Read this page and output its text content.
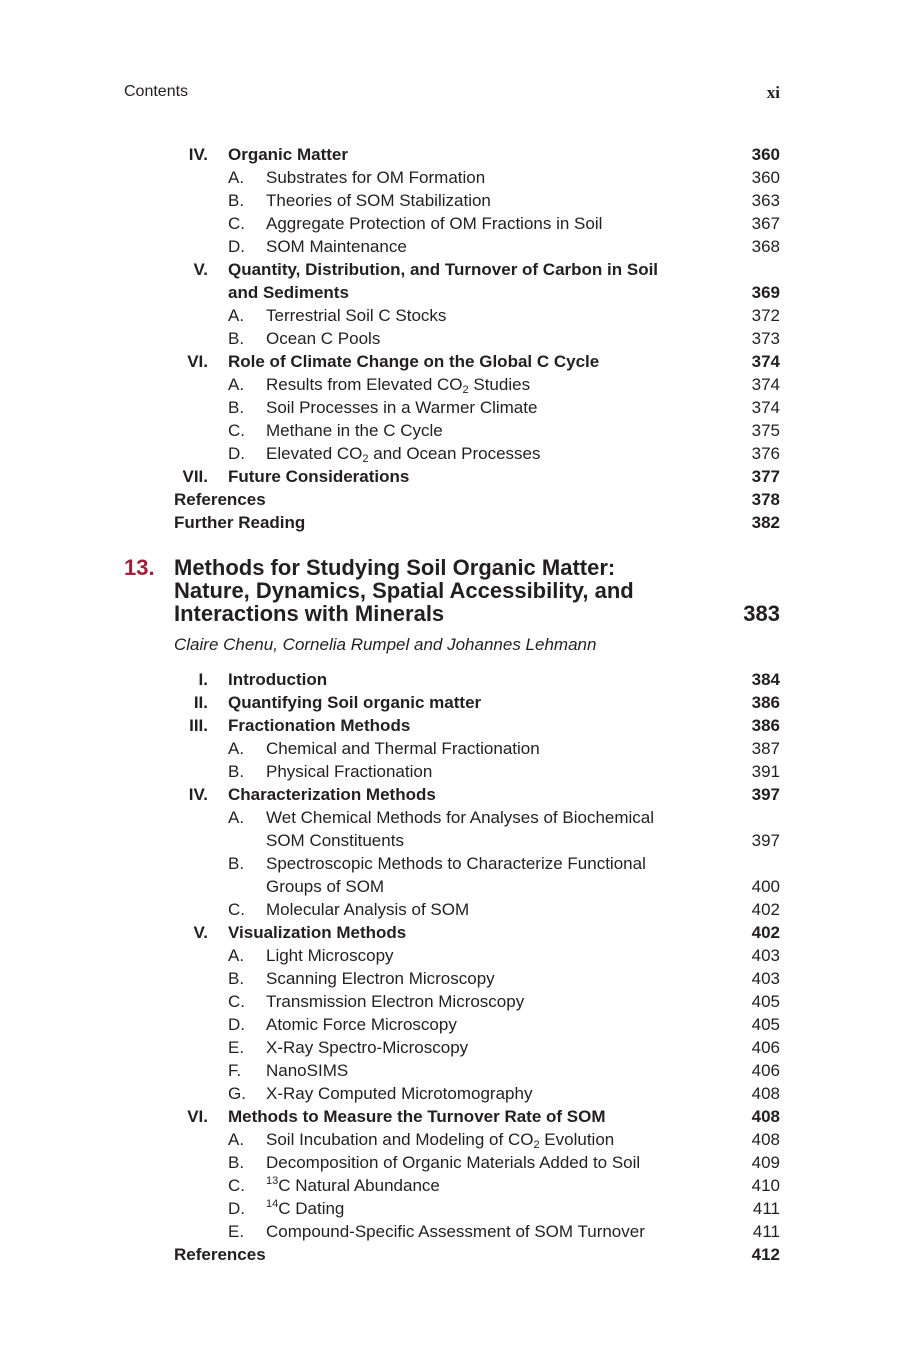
Contents	xi
IV. Organic Matter	360
A. Substrates for OM Formation	360
B. Theories of SOM Stabilization	363
C. Aggregate Protection of OM Fractions in Soil	367
D. SOM Maintenance	368
V. Quantity, Distribution, and Turnover of Carbon in Soil
and Sediments	369
A. Terrestrial Soil C Stocks	372
B. Ocean C Pools	373
VI. Role of Climate Change on the Global C Cycle	374
A. Results from Elevated $CO_2$ Studies	374
B. Soil Processes in a Warmer Climate	374
C. Methane in the C Cycle	375
D. Elevated $CO_2$ and Ocean Processes	376
VII. Future Considerations	377
References	378
Further Reading	382
13. Methods for Studying Soil Organic Matter:
Nature, Dynamics, Spatial Accessibility, and
Interactions with Minerals	383
Claire Chenu, Cornelia Rumpel and Johannes Lehmann
I. Introduction	384
II. Quantifying Soil organic matter	386
III. Fractionation Methods	386
A. Chemical and Thermal Fractionation	387
B. Physical Fractionation	391
IV. Characterization Methods	397
A. Wet Chemical Methods for Analyses of Biochemical
SOM Constituents	397
B. Spectroscopic Methods to Characterize Functional
Groups of SOM	400
C. Molecular Analysis of SOM	402
V. Visualization Methods	402
A. Light Microscopy	403
B. Scanning Electron Microscopy	403
C. Transmission Electron Microscopy	405
D. Atomic Force Microscopy	405
E. X-Ray Spectro-Microscopy	406
F. NanoSIMS	406
G. X-Ray Computed Microtomography	408
VI. Methods to Measure the Turnover Rate of SOM	408
A. Soil Incubation and Modeling of $CO_2$ Evolution	408
B. Decomposition of Organic Materials Added to Soil	409
C. $^{13}$C Natural Abundance	410
D. $^{14}$C Dating	411
E. Compound-Specific Assessment of SOM Turnover	411
References	412
